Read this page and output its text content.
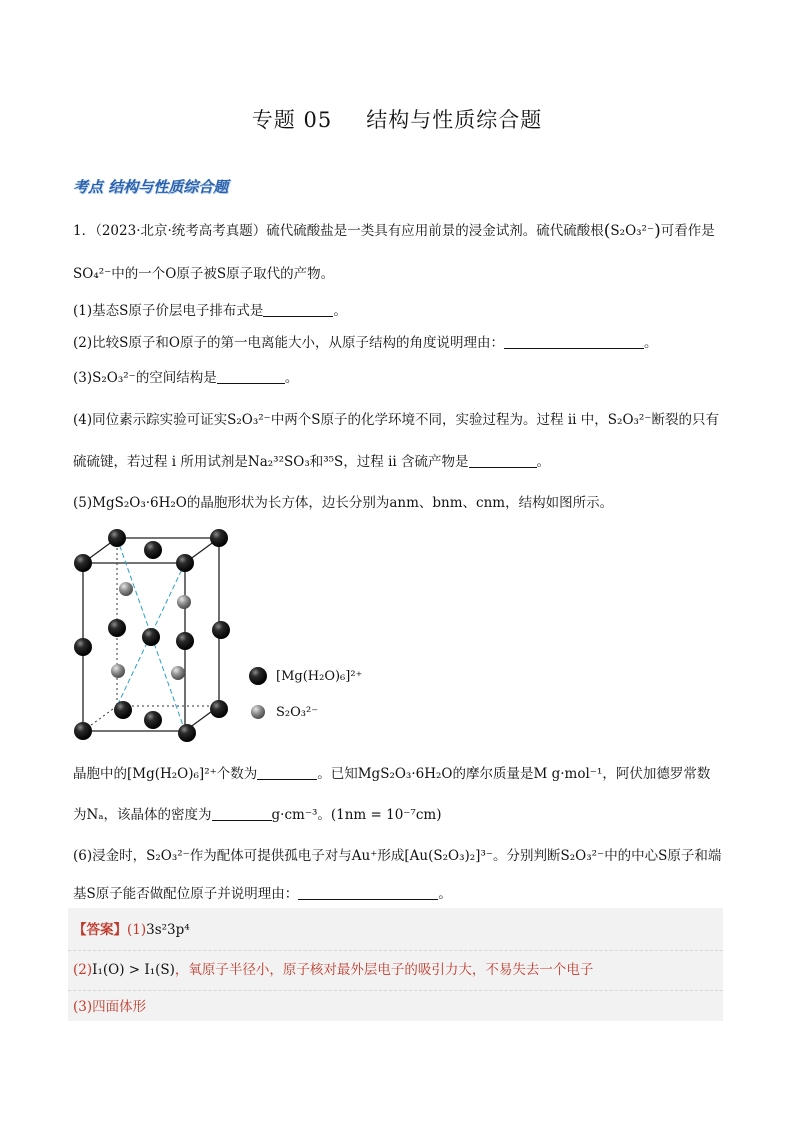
专题 05 结构与性质综合题
考点 结构与性质综合题
1．（2023·北京·统考高考真题）硫代硫酸盐是一类具有应用前景的浸金试剂。硫代硫酸根(S₂O₃²⁻)可看作是
SO₄²⁻中的一个O原子被S原子取代的产物。
(1)基态S原子价层电子排布式是	。
(2)比较S原子和O原子的第一电离能大小，从原子结构的角度说明理由：	。
(3)S₂O₃²⁻的空间结构是	。
(4)同位素示踪实验可证实S₂O₃²⁻中两个S原子的化学环境不同，实验过程为。过程 ii 中，S₂O₃²⁻断裂的只有
硫硫键，若过程 i 所用试剂是Na₂³²SO₃和³⁵S，过程 ii 含硫产物是	。
(5)MgS₂O₃·6H₂O的晶胞形状为长方体，边长分别为anm、bnm、cnm，结构如图所示。
[Mg(H₂O)₆]²⁺
S₂O₃²⁻
晶胞中的[Mg(H₂O)₆]²⁺个数为	。已知MgS₂O₃·6H₂O的摩尔质量是M g·mol⁻¹，阿伏加德罗常数
为Nₐ，该晶体的密度为	g·cm⁻³。(1nm = 10⁻⁷cm)
(6)浸金时，S₂O₃²⁻作为配体可提供孤电子对与Au⁺形成[Au(S₂O₃)₂]³⁻。分别判断S₂O₃²⁻中的中心S原子和端
基S原子能否做配位原子并说明理由：	。
【答案】(1)3s²3p⁴
(2)I₁(O) > I₁(S)，氧原子半径小，原子核对最外层电子的吸引力大，不易失去一个电子
(3)四面体形
